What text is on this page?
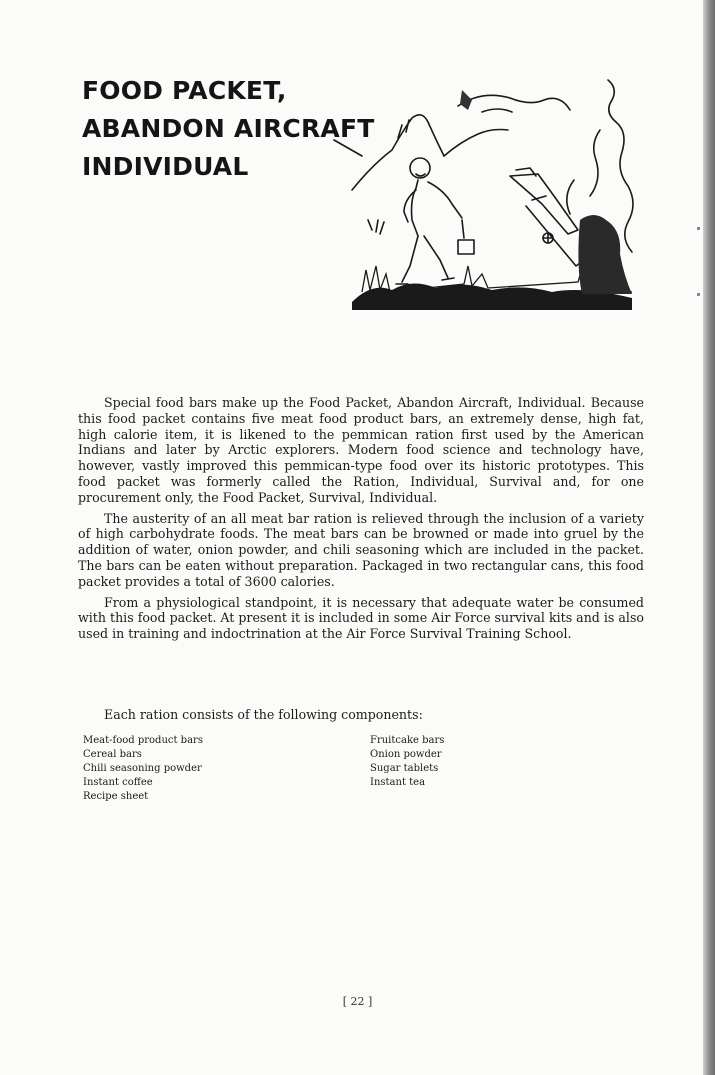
FOOD PACKET,
ABANDON AIRCRAFT
INDIVIDUAL

Special food bars make up the Food Packet, Abandon Aircraft, Individual. Because this food packet contains five meat food product bars, an extremely dense, high fat, high calorie item, it is likened to the pemmican ration first used by the American Indians and later by Arctic explorers. Modern food science and technology have, however, vastly improved this pemmican-type food over its historic prototypes. This food packet was formerly called the Ration, Individual, Survival and, for one procurement only, the Food Packet, Survival, Individual.

The austerity of an all meat bar ration is relieved through the inclusion of a variety of high carbohydrate foods. The meat bars can be browned or made into gruel by the addition of water, onion powder, and chili seasoning which are included in the packet. The bars can be eaten without preparation. Packaged in two rectangular cans, this food packet provides a total of 3600 calories.

From a physiological standpoint, it is necessary that adequate water be consumed with this food packet. At present it is included in some Air Force survival kits and is also used in training and indoctrination at the Air Force Survival Training School.

Each ration consists of the following components:

Meat-food product bars
Cereal bars
Chili seasoning powder
Instant coffee
Recipe sheet
Fruitcake bars
Onion powder
Sugar tablets
Instant tea
[ 22 ]
